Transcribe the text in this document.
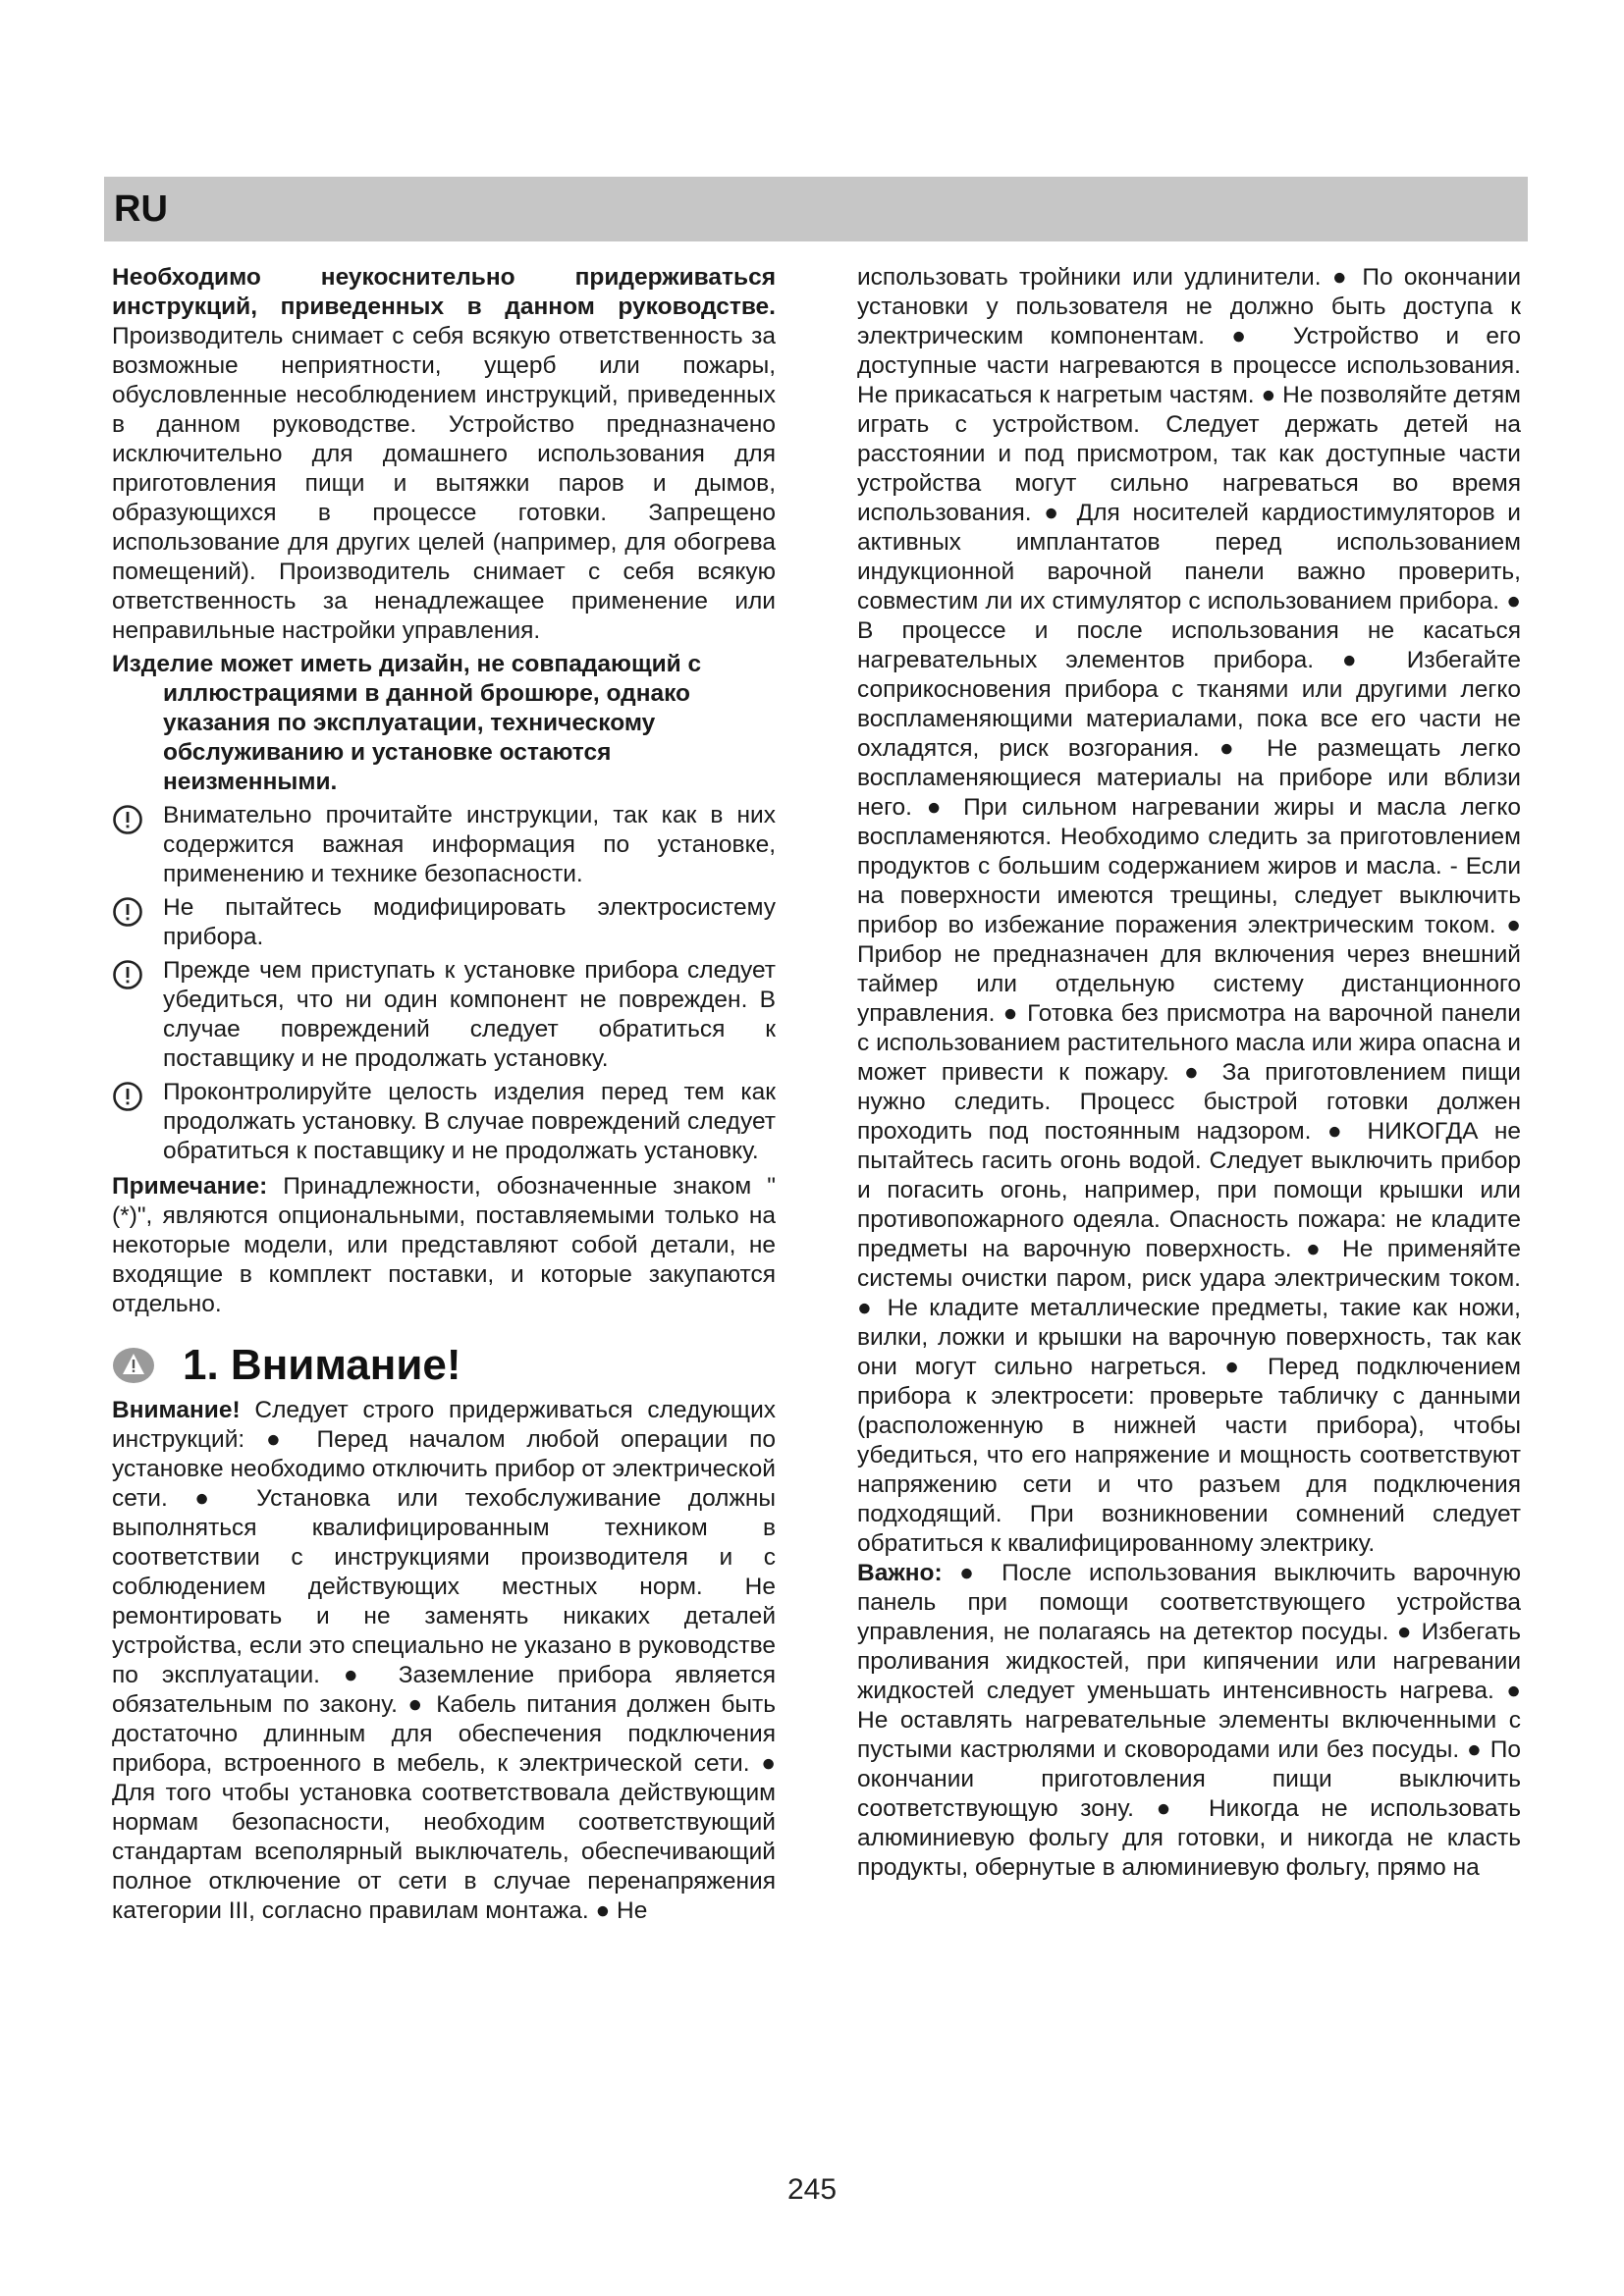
RU

Необходимо неукоснительно придерживаться инструкций, приведенных в данном руководстве. Производитель снимает с себя всякую ответственность за возможные неприятности, ущерб или пожары, обусловленные несоблюдением инструкций, приведенных в данном руководстве. Устройство предназначено исключительно для домашнего использования для приготовления пищи и вытяжки паров и дымов, образующихся в процессе готовки. Запрещено использование для других целей (например, для обогрева помещений). Производитель снимает с себя всякую ответственность за ненадлежащее применение или неправильные настройки управления.

Изделие может иметь дизайн, не совпадающий с
иллюстрациями в данной брошюре, однако указания по эксплуатации, техническому обслуживанию и установке остаются неизменными.

Внимательно прочитайте инструкции, так как в них содержится важная информация по установке, применению и технике безопасности.

Не пытайтесь модифицировать электросистему прибора.

Прежде чем приступать к установке прибора следует убедиться, что ни один компонент не поврежден. В случае повреждений следует обратиться к поставщику и не продолжать установку.

Проконтролируйте целость изделия перед тем как продолжать установку. В случае повреждений следует обратиться к поставщику и не продолжать установку.

Примечание: Принадлежности, обозначенные знаком "(*)", являются опциональными, поставляемыми только на некоторые модели, или представляют собой детали, не входящие в комплект поставки, и которые закупаются отдельно.

1. Внимание!

Внимание! Следует строго придерживаться следующих инструкций: ● Перед началом любой операции по установке необходимо отключить прибор от электрической сети. ● Установка или техобслуживание должны выполняться квалифицированным техником в соответствии с инструкциями производителя и с соблюдением действующих местных норм. Не ремонтировать и не заменять никаких деталей устройства, если это специально не указано в руководстве по эксплуатации. ● Заземление прибора является обязательным по закону. ● Кабель питания должен быть достаточно длинным для обеспечения подключения прибора, встроенного в мебель, к электрической сети. ● Для того чтобы установка соответствовала действующим нормам безопасности, необходим соответствующий стандартам всеполярный выключатель, обеспечивающий полное отключение от сети в случае перенапряжения категории III, согласно правилам монтажа. ● Не

использовать тройники или удлинители. ● По окончании установки у пользователя не должно быть доступа к электрическим компонентам. ● Устройство и его доступные части нагреваются в процессе использования. Не прикасаться к нагретым частям. ● Не позволяйте детям играть с устройством. Следует держать детей на расстоянии и под присмотром, так как доступные части устройства могут сильно нагреваться во время использования. ● Для носителей кардиостимуляторов и активных имплантатов перед использованием индукционной варочной панели важно проверить, совместим ли их стимулятор с использованием прибора. ● В процессе и после использования не касаться нагревательных элементов прибора. ● Избегайте соприкосновения прибора с тканями или другими легко воспламеняющими материалами, пока все его части не охладятся, риск возгорания. ● Не размещать легко воспламеняющиеся материалы на приборе или вблизи него. ● При сильном нагревании жиры и масла легко воспламеняются. Необходимо следить за приготовлением продуктов с большим содержанием жиров и масла. - Если на поверхности имеются трещины, следует выключить прибор во избежание поражения электрическим током. ● Прибор не предназначен для включения через внешний таймер или отдельную систему дистанционного управления. ● Готовка без присмотра на варочной панели с использованием растительного масла или жира опасна и может привести к пожару. ● За приготовлением пищи нужно следить. Процесс быстрой готовки должен проходить под постоянным надзором. ● НИКОГДА не пытайтесь гасить огонь водой. Следует выключить прибор и погасить огонь, например, при помощи крышки или противопожарного одеяла. Опасность пожара: не кладите предметы на варочную поверхность. ● Не применяйте системы очистки паром, риск удара электрическим током. ● Не кладите металлические предметы, такие как ножи, вилки, ложки и крышки на варочную поверхность, так как они могут сильно нагреться. ● Перед подключением прибора к электросети: проверьте табличку с данными (расположенную в нижней части прибора), чтобы убедиться, что его напряжение и мощность соответствуют напряжению сети и что разъем для подключения подходящий. При возникновении сомнений следует обратиться к квалифицированному электрику.

Важно: ● После использования выключить варочную панель при помощи соответствующего устройства управления, не полагаясь на детектор посуды. ● Избегать проливания жидкостей, при кипячении или нагревании жидкостей следует уменьшать интенсивность нагрева. ● Не оставлять нагревательные элементы включенными с пустыми кастрюлями и сковородами или без посуды. ● По окончании приготовления пищи выключить соответствующую зону. ● Никогда не использовать алюминиевую фольгу для готовки, и никогда не класть продукты, обернутые в алюминиевую фольгу, прямо на

245
